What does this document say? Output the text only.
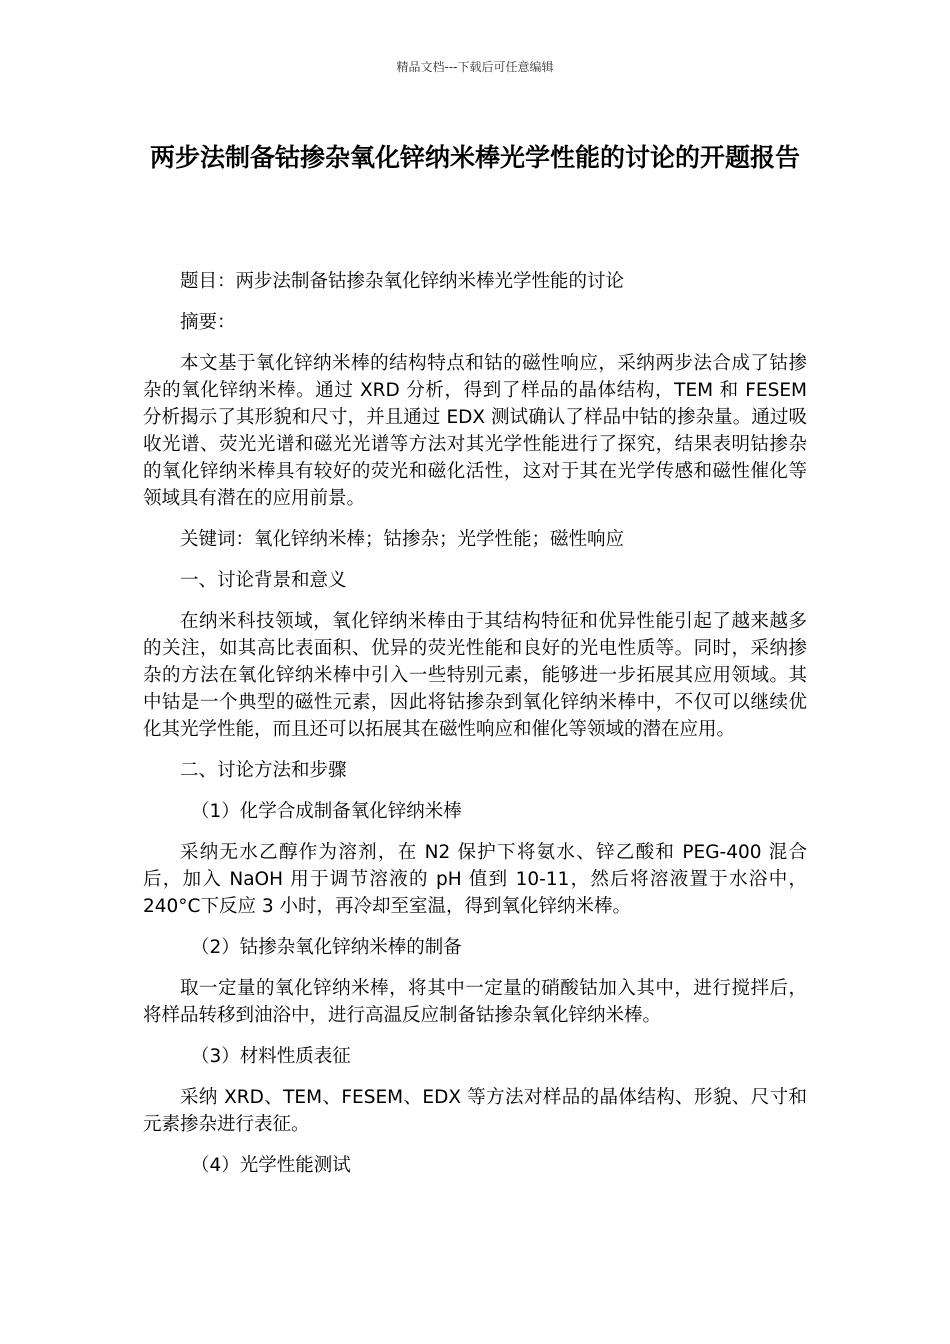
精品文档---下载后可任意编辑
两步法制备钴掺杂氧化锌纳米棒光学性能的讨论的开题报告

题目：两步法制备钴掺杂氧化锌纳米棒光学性能的讨论

摘要：

本文基于氧化锌纳米棒的结构特点和钴的磁性响应，采纳两步法合成了钴掺杂的氧化锌纳米棒。通过 XRD 分析，得到了样品的晶体结构，TEM 和 FESEM 分析揭示了其形貌和尺寸，并且通过 EDX 测试确认了样品中钴的掺杂量。通过吸收光谱、荧光光谱和磁光光谱等方法对其光学性能进行了探究，结果表明钴掺杂的氧化锌纳米棒具有较好的荧光和磁化活性，这对于其在光学传感和磁性催化等领域具有潜在的应用前景。

关键词：氧化锌纳米棒；钴掺杂；光学性能；磁性响应

一、讨论背景和意义

在纳米科技领域，氧化锌纳米棒由于其结构特征和优异性能引起了越来越多的关注，如其高比表面积、优异的荧光性能和良好的光电性质等。同时，采纳掺杂的方法在氧化锌纳米棒中引入一些特别元素，能够进一步拓展其应用领域。其中钴是一个典型的磁性元素，因此将钴掺杂到氧化锌纳米棒中，不仅可以继续优化其光学性能，而且还可以拓展其在磁性响应和催化等领域的潜在应用。

二、讨论方法和步骤

（1）化学合成制备氧化锌纳米棒

采纳无水乙醇作为溶剂，在 N2 保护下将氨水、锌乙酸和 PEG-400 混合后，加入 NaOH 用于调节溶液的 pH 值到 10-11，然后将溶液置于水浴中，240°C下反应 3 小时，再冷却至室温，得到氧化锌纳米棒。

（2）钴掺杂氧化锌纳米棒的制备

取一定量的氧化锌纳米棒，将其中一定量的硝酸钴加入其中，进行搅拌后，将样品转移到油浴中，进行高温反应制备钴掺杂氧化锌纳米棒。

（3）材料性质表征

采纳 XRD、TEM、FESEM、EDX 等方法对样品的晶体结构、形貌、尺寸和元素掺杂进行表征。

（4）光学性能测试
